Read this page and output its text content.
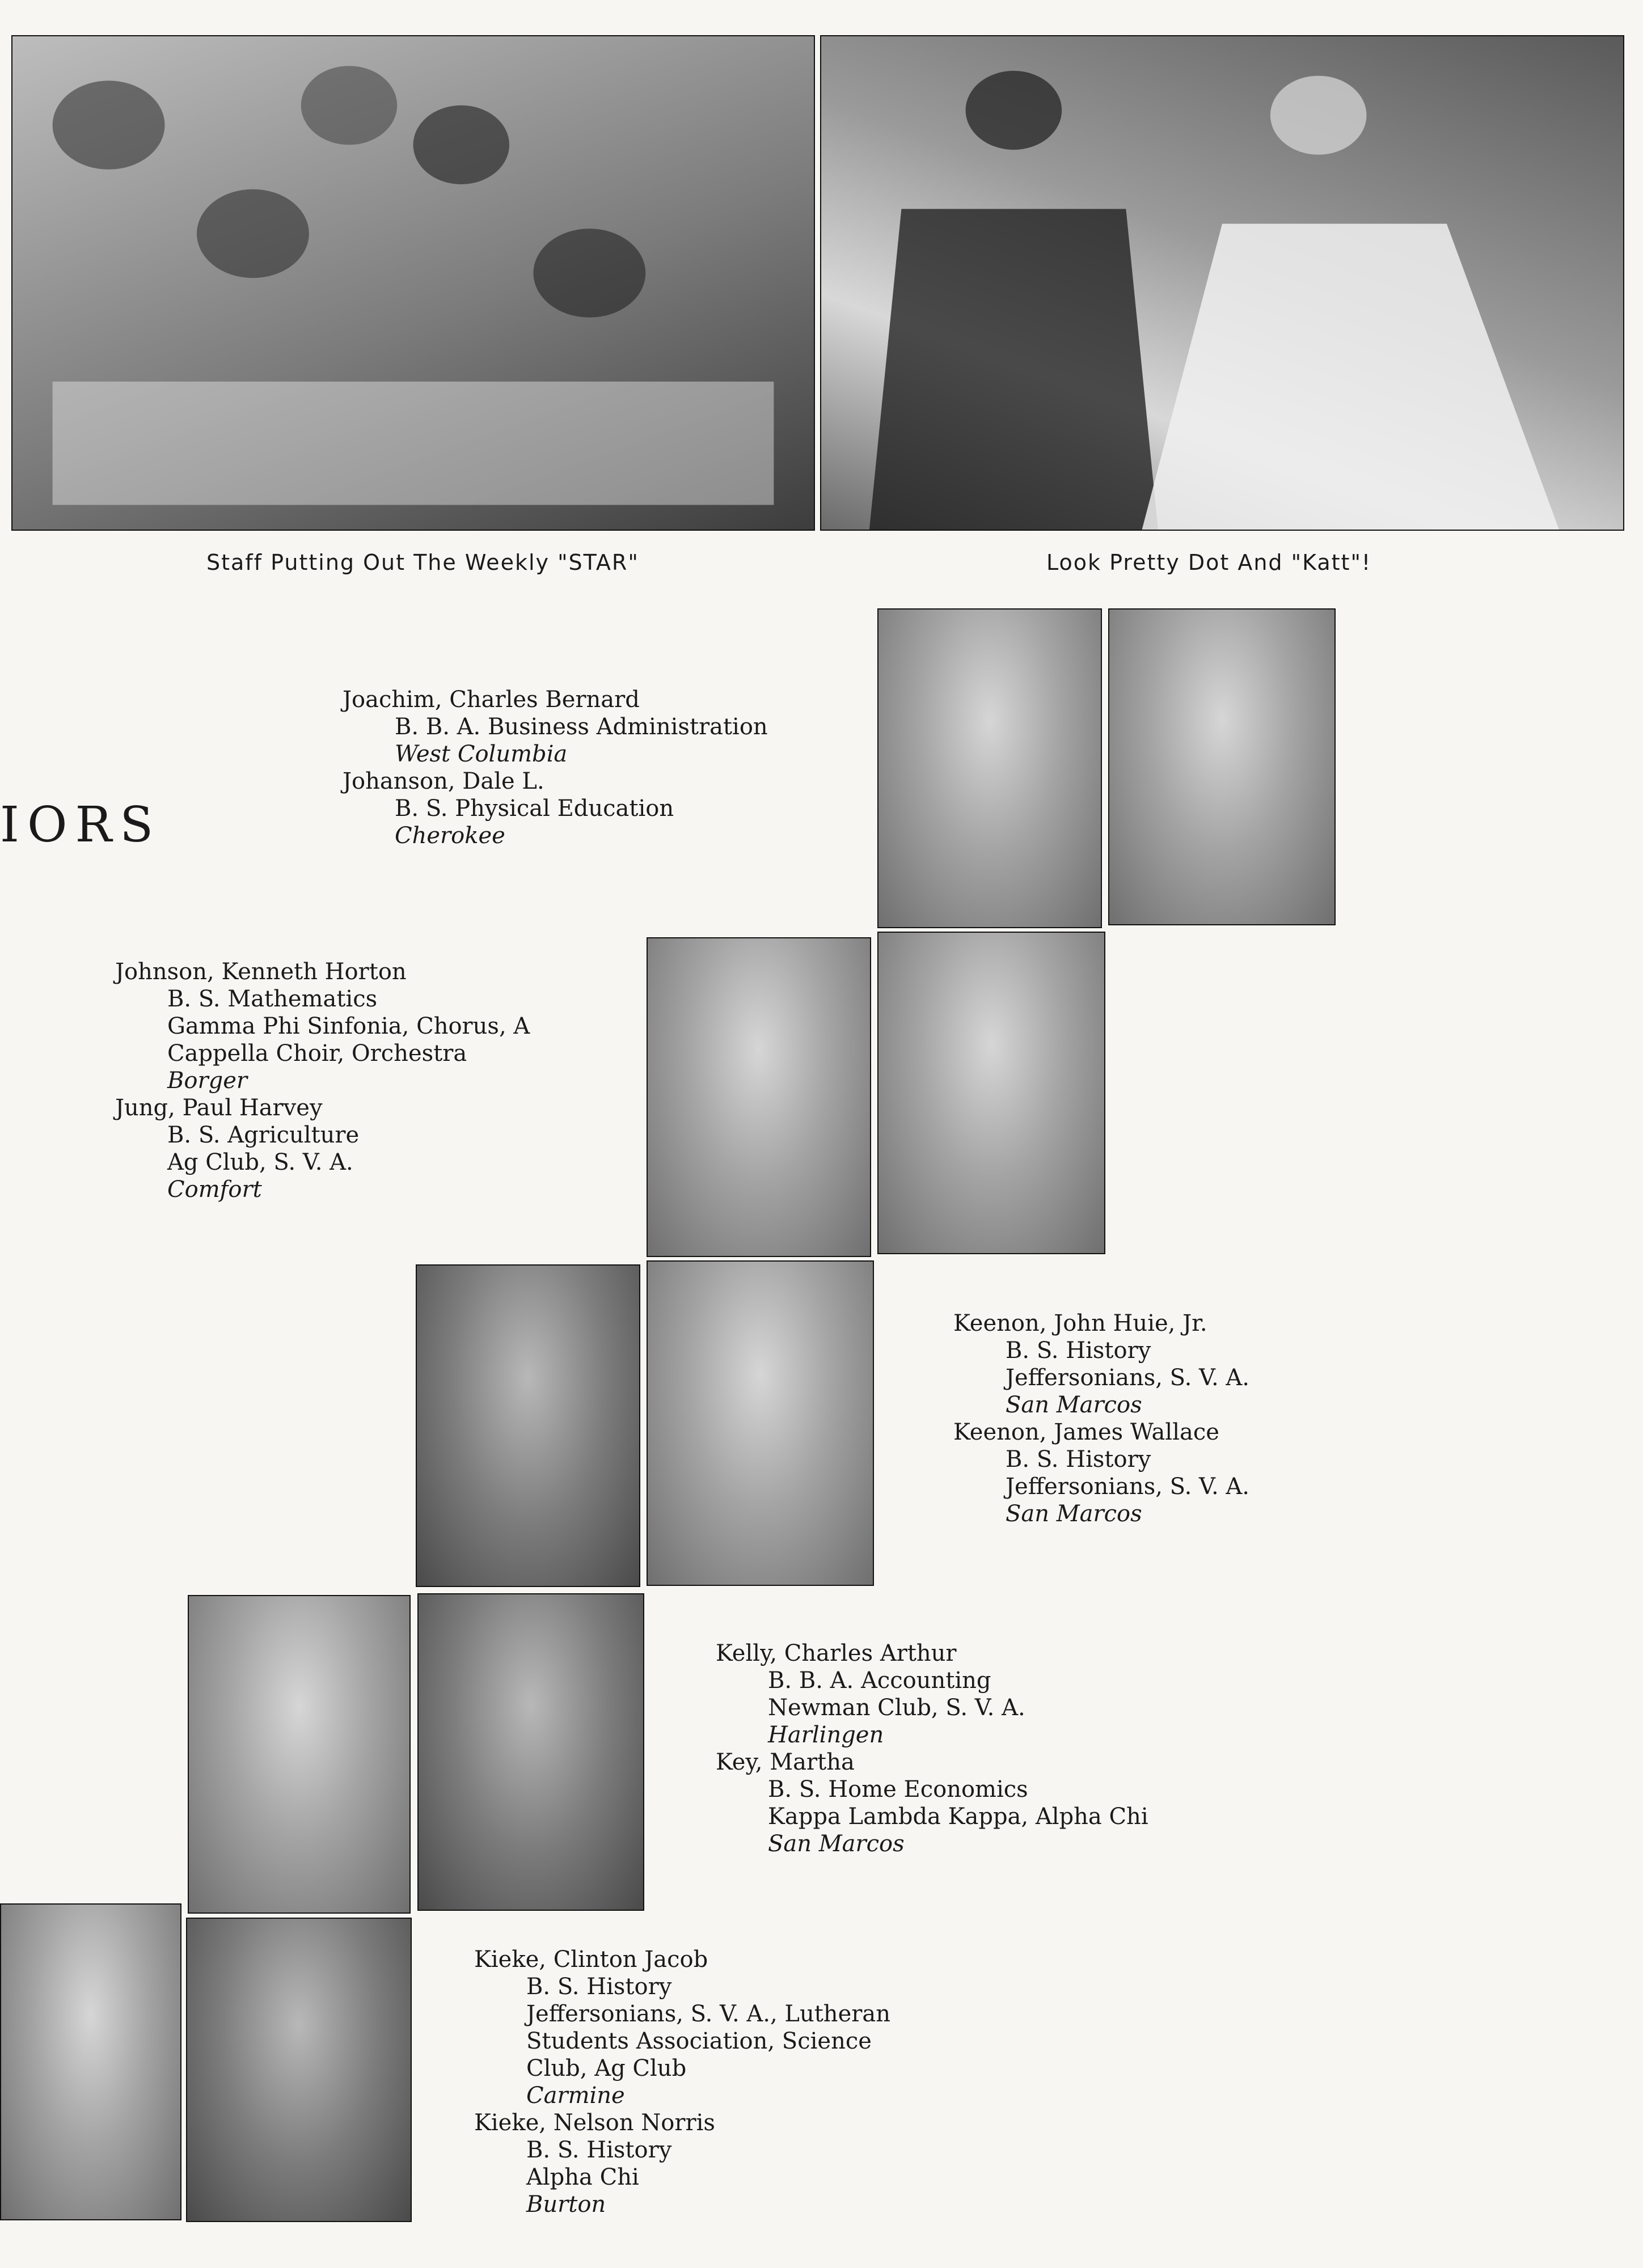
Staff Putting Out The Weekly "STAR"	Look Pretty Dot And "Katt"!
IORS
Joachim, Charles Bernard
B. B. A. Business Administration
West Columbia
Johanson, Dale L.
B. S. Physical Education
Cherokee
Johnson, Kenneth Horton
B. S. Mathematics
Gamma Phi Sinfonia, Chorus, A
Cappella Choir, Orchestra
Borger
Jung, Paul Harvey
B. S. Agriculture
Ag Club, S. V. A.
Comfort
Keenon, John Huie, Jr.
B. S. History
Jeffersonians, S. V. A.
San Marcos
Keenon, James Wallace
B. S. History
Jeffersonians, S. V. A.
San Marcos
Kelly, Charles Arthur
B. B. A. Accounting
Newman Club, S. V. A.
Harlingen
Key, Martha
B. S. Home Economics
Kappa Lambda Kappa, Alpha Chi
San Marcos
Kieke, Clinton Jacob
B. S. History
Jeffersonians, S. V. A., Lutheran
Students Association, Science
Club, Ag Club
Carmine
Kieke, Nelson Norris
B. S. History
Alpha Chi
Burton
